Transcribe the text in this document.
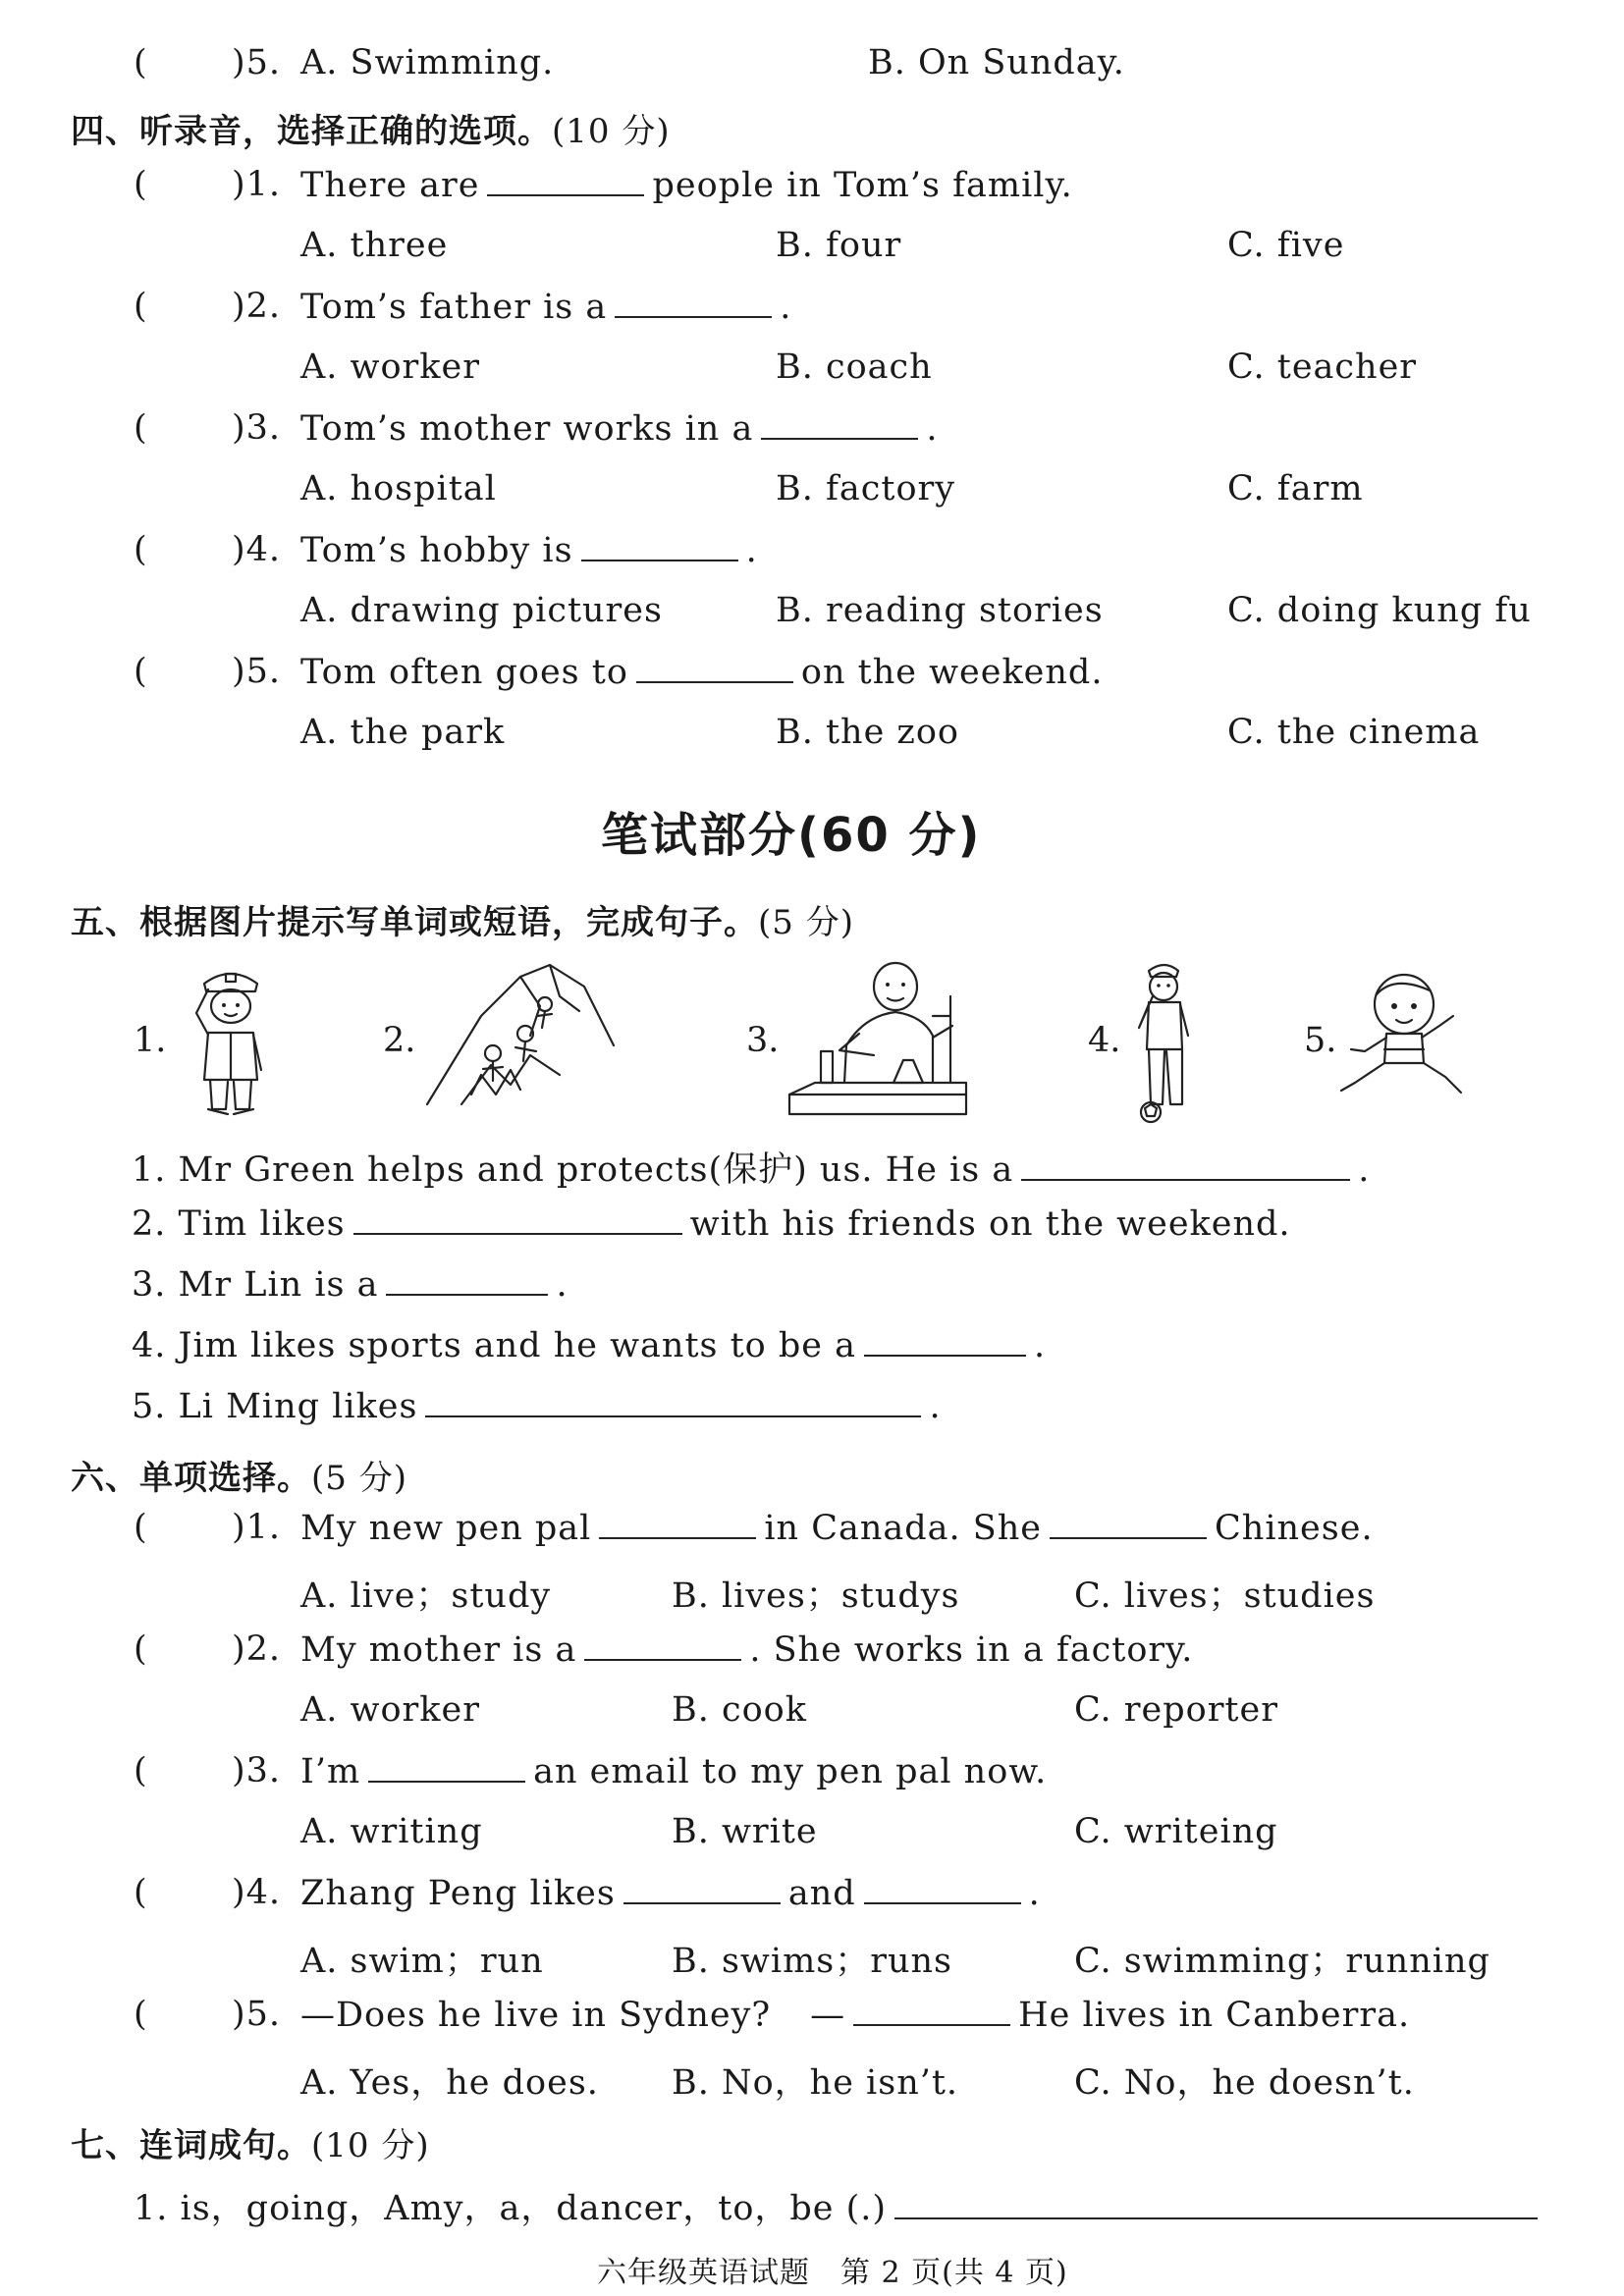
( )5. A. Swimming.	B. On Sunday.
四、听录音，选择正确的选项。(10 分)
( )1. There are	people in Tom’s family.
A. three	B. four	C. five
( )2. Tom’s father is a	.
A. worker	B. coach	C. teacher
( )3. Tom’s mother works in a	.
A. hospital	B. factory	C. farm
( )4. Tom’s hobby is	.
A. drawing pictures	B. reading stories	C. doing kung fu
( )5. Tom often goes to	on the weekend.
A. the park	B. the zoo	C. the cinema
笔试部分(60 分)
五、根据图片提示写单词或短语，完成句子。(5 分)
1.	2.	3.	4.	5.
1. Mr Green helps and protects(保护) us. He is a	.
2. Tim likes	with his friends on the weekend.
3. Mr Lin is a	.
4. Jim likes sports and he wants to be a	.
5. Li Ming likes	.
六、单项选择。(5 分)
( )1. My new pen pal	in Canada. She	Chinese.
A. live；study	B. lives；studys	C. lives；studies
( )2. My mother is a	. She works in a factory.
A. worker	B. cook	C. reporter
( )3. I’m	an email to my pen pal now.
A. writing	B. write	C. writeing
( )4. Zhang Peng likes	and	.
A. swim；run	B. swims；runs	C. swimming；running
( )5. —Does he live in Sydney? —	He lives in Canberra.
A. Yes，he does. B. No，he isn’t.	C. No，he doesn’t.
七、连词成句。(10 分)
1. is，going，Amy，a，dancer，to，be (.)
六年级英语试题　第 2 页(共 4 页)
